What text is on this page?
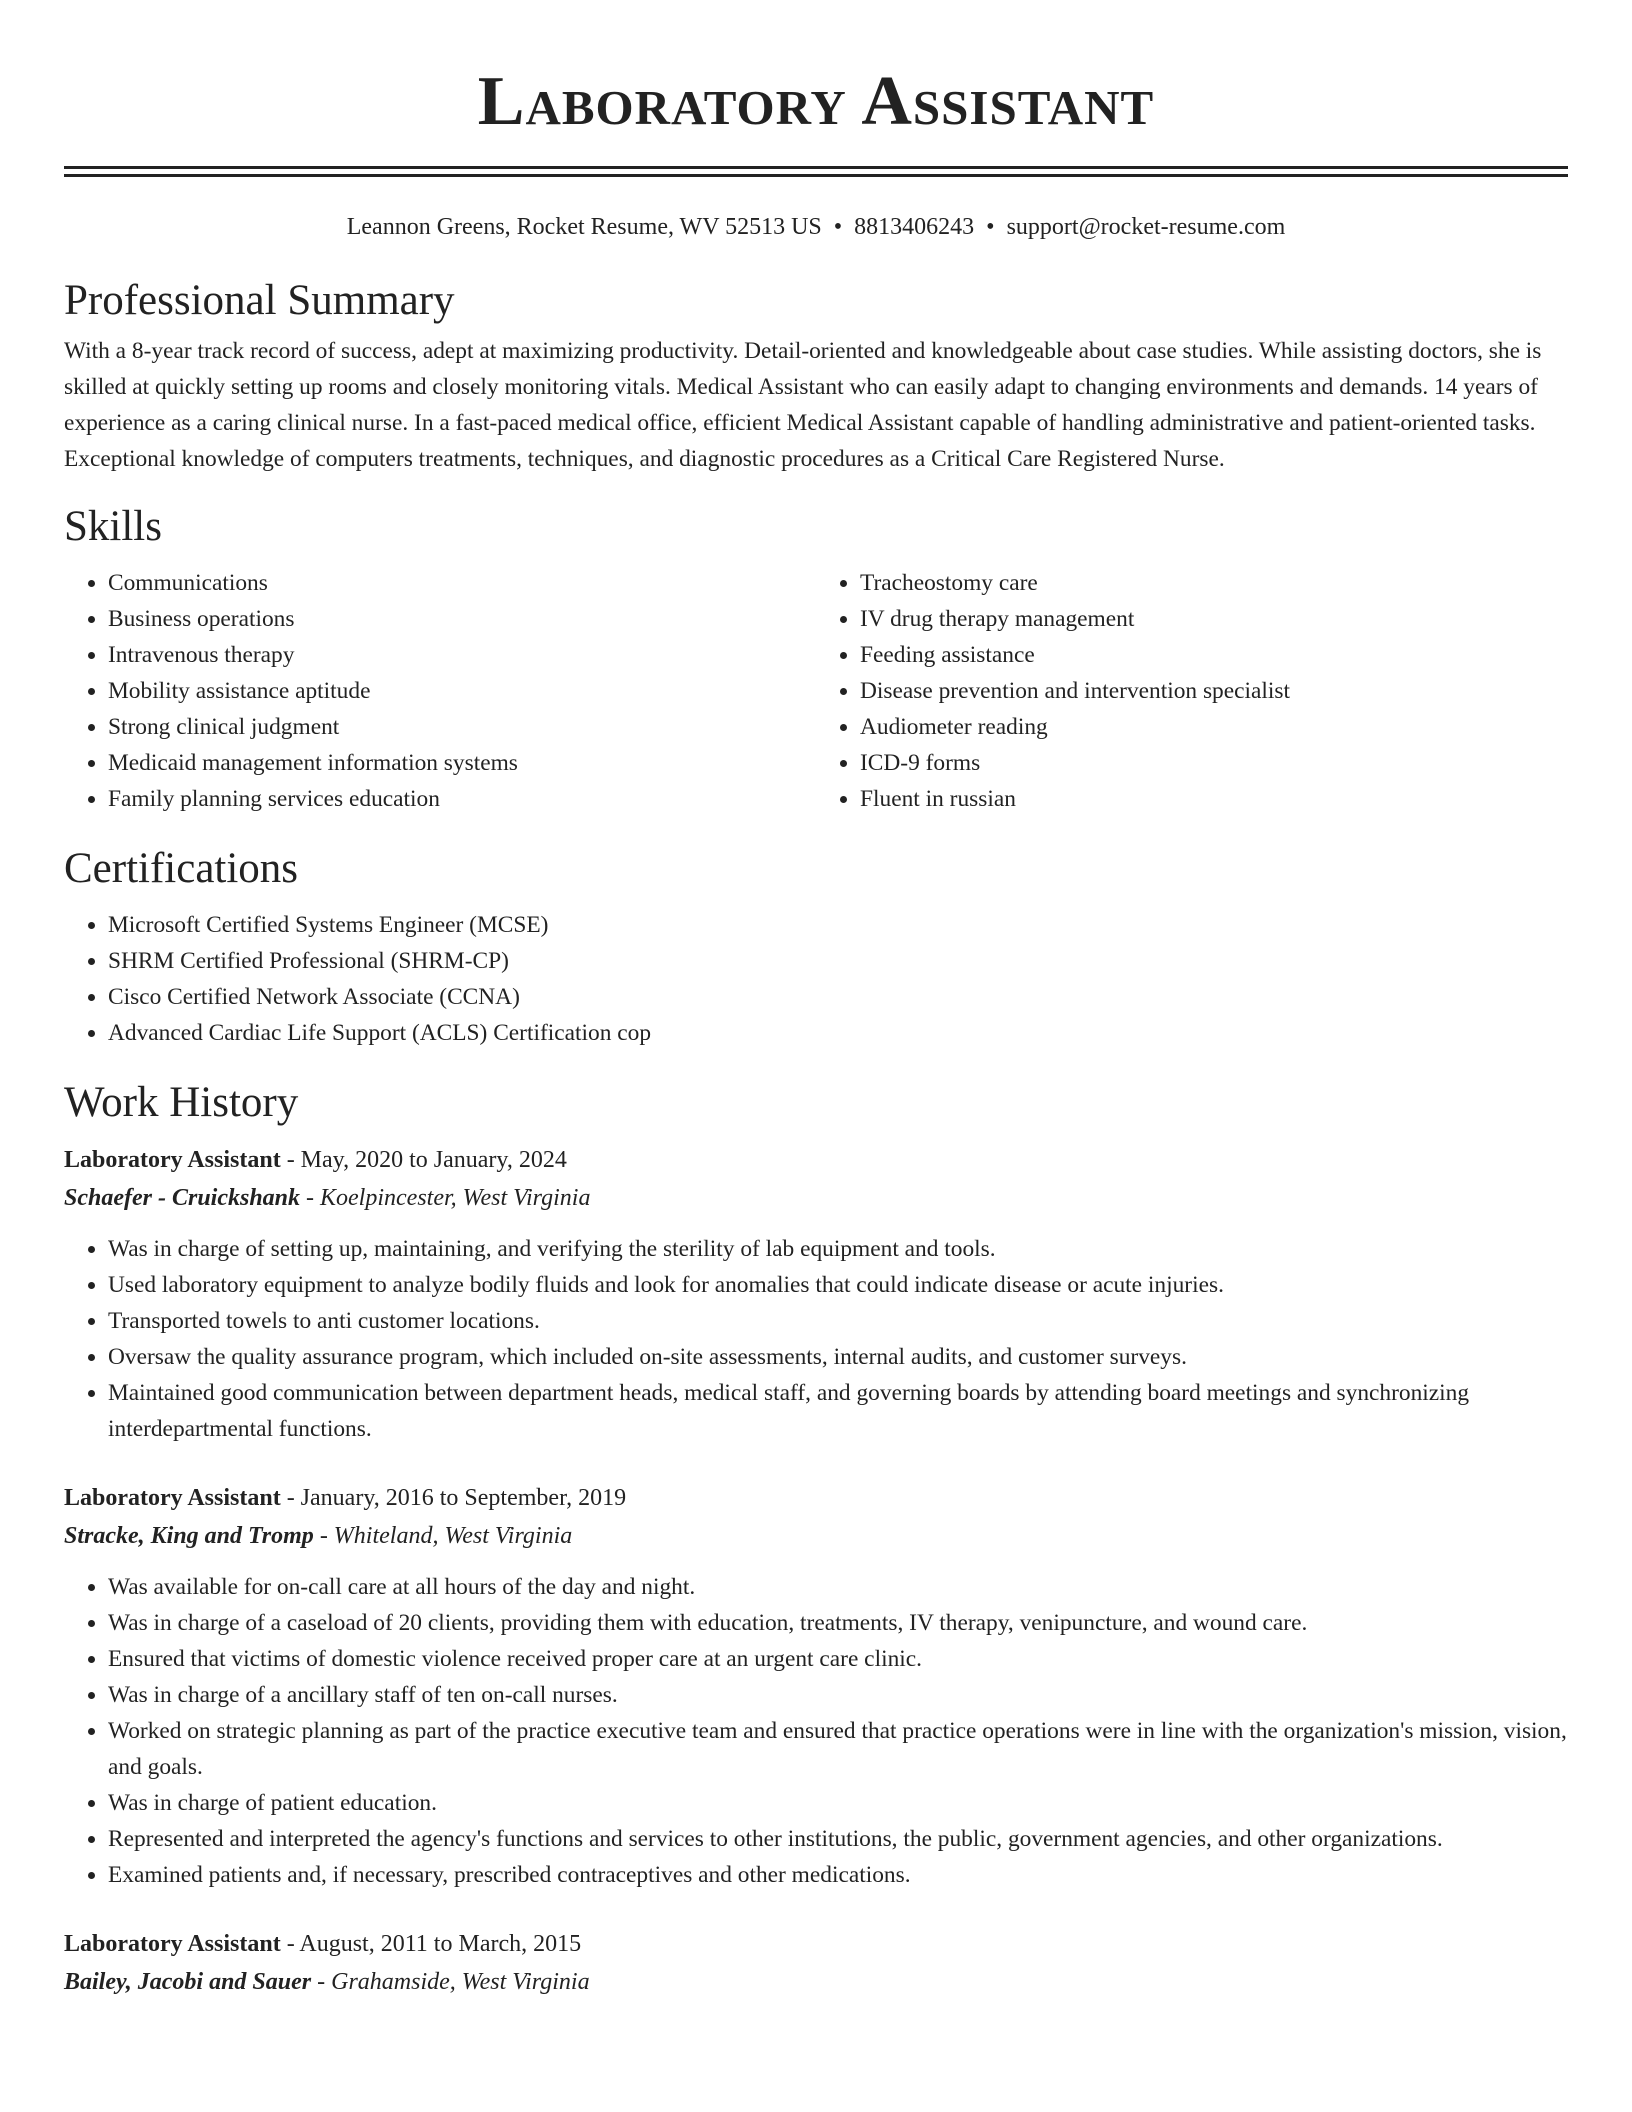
Laboratory Assistant
Leannon Greens, Rocket Resume, WV 52513 US • 8813406243 • support@rocket-resume.com
Professional Summary

With a 8-year track record of success, adept at maximizing productivity. Detail-oriented and knowledgeable about case studies. While assisting doctors, she is skilled at quickly setting up rooms and closely monitoring vitals. Medical Assistant who can easily adapt to changing environments and demands. 14 years of experience as a caring clinical nurse. In a fast-paced medical office, efficient Medical Assistant capable of handling administrative and patient-oriented tasks. Exceptional knowledge of computers treatments, techniques, and diagnostic procedures as a Critical Care Registered Nurse.

Skills
• Communications
• Business operations
• Intravenous therapy
• Mobility assistance aptitude
• Strong clinical judgment
• Medicaid management information systems
• Family planning services education
• Tracheostomy care
• IV drug therapy management
• Feeding assistance
• Disease prevention and intervention specialist
• Audiometer reading
• ICD-9 forms
• Fluent in russian
Certifications
• Microsoft Certified Systems Engineer (MCSE)
• SHRM Certified Professional (SHRM-CP)
• Cisco Certified Network Associate (CCNA)
• Advanced Cardiac Life Support (ACLS) Certification cop
Work History

Laboratory Assistant - May, 2020 to January, 2024

Schaefer - Cruickshank - Koelpincester, West Virginia

• Was in charge of setting up, maintaining, and verifying the sterility of lab equipment and tools.
• Used laboratory equipment to analyze bodily fluids and look for anomalies that could indicate disease or acute injuries.
• Transported towels to anti customer locations.
• Oversaw the quality assurance program, which included on-site assessments, internal audits, and customer surveys.
• Maintained good communication between department heads, medical staff, and governing boards by attending board meetings and synchronizing interdepartmental functions.

Laboratory Assistant - January, 2016 to September, 2019

Stracke, King and Tromp - Whiteland, West Virginia

• Was available for on-call care at all hours of the day and night.
• Was in charge of a caseload of 20 clients, providing them with education, treatments, IV therapy, venipuncture, and wound care.
• Ensured that victims of domestic violence received proper care at an urgent care clinic.
• Was in charge of a ancillary staff of ten on-call nurses.
• Worked on strategic planning as part of the practice executive team and ensured that practice operations were in line with the organization's mission, vision, and goals.
• Was in charge of patient education.
• Represented and interpreted the agency's functions and services to other institutions, the public, government agencies, and other organizations.
• Examined patients and, if necessary, prescribed contraceptives and other medications.

Laboratory Assistant - August, 2011 to March, 2015

Bailey, Jacobi and Sauer - Grahamside, West Virginia
